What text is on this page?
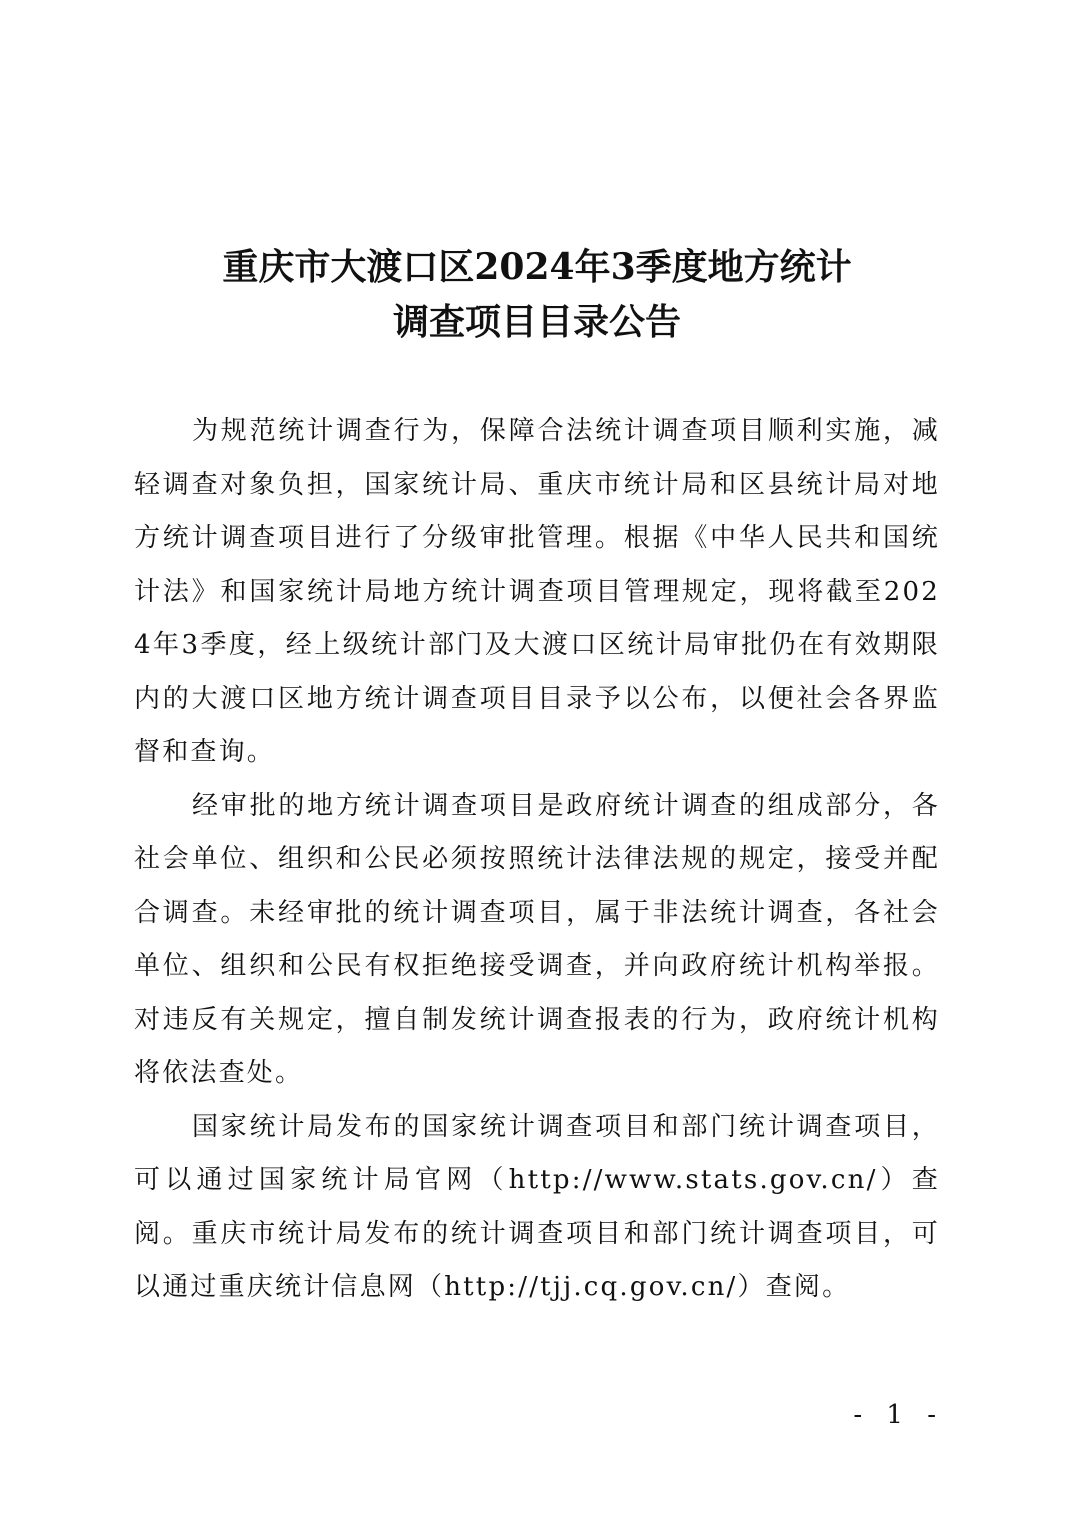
重庆市大渡口区2024年3季度地方统计
调查项目目录公告

为规范统计调查行为，保障合法统计调查项目顺利实施，减轻调查对象负担，国家统计局、重庆市统计局和区县统计局对地方统计调查项目进行了分级审批管理。根据《中华人民共和国统计法》和国家统计局地方统计调查项目管理规定，现将截至2024年3季度，经上级统计部门及大渡口区统计局审批仍在有效期限内的大渡口区地方统计调查项目目录予以公布，以便社会各界监督和查询。

经审批的地方统计调查项目是政府统计调查的组成部分，各社会单位、组织和公民必须按照统计法律法规的规定，接受并配合调查。未经审批的统计调查项目，属于非法统计调查，各社会单位、组织和公民有权拒绝接受调查，并向政府统计机构举报。对违反有关规定，擅自制发统计调查报表的行为，政府统计机构将依法查处。

国家统计局发布的国家统计调查项目和部门统计调查项目，可以通过国家统计局官网（http://www.stats.gov.cn/）查阅。重庆市统计局发布的统计调查项目和部门统计调查项目，可以通过重庆统计信息网（http://tjj.cq.gov.cn/）查阅。

- 1 -
